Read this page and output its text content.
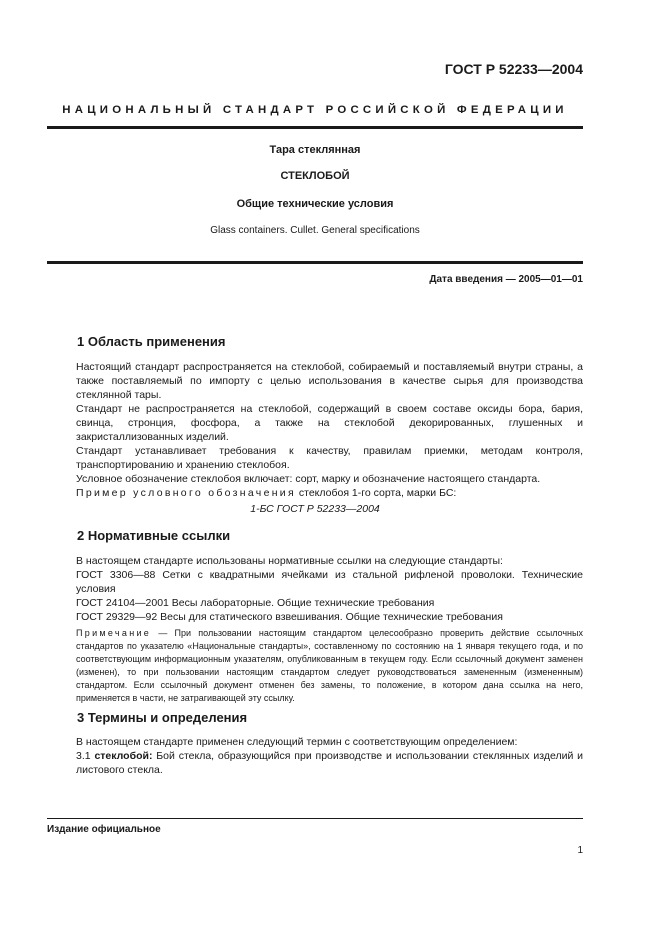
ГОСТ Р 52233—2004
НАЦИОНАЛЬНЫЙ СТАНДАРТ РОССИЙСКОЙ ФЕДЕРАЦИИ
Тара стеклянная
СТЕКЛОБОЙ
Общие технические условия
Glass containers. Cullet. General specifications
Дата введения — 2005—01—01
1 Область применения
Настоящий стандарт распространяется на стеклобой, собираемый и поставляемый внутри страны, а также поставляемый по импорту с целью использования в качестве сырья для производства стеклянной тары.
Стандарт не распространяется на стеклобой, содержащий в своем составе оксиды бора, бария, свинца, стронция, фосфора, а также на стеклобой декорированных, глушенных и закристаллизованных изделий.
Стандарт устанавливает требования к качеству, правилам приемки, методам контроля, транспортированию и хранению стеклобоя.
Условное обозначение стеклобоя включает: сорт, марку и обозначение настоящего стандарта.
Пример условного обозначения стеклобоя 1-го сорта, марки БС:
1-БС ГОСТ Р 52233—2004
2 Нормативные ссылки
В настоящем стандарте использованы нормативные ссылки на следующие стандарты:
ГОСТ 3306—88 Сетки с квадратными ячейками из стальной рифленой проволоки. Технические условия
ГОСТ 24104—2001 Весы лабораторные. Общие технические требования
ГОСТ 29329—92 Весы для статического взвешивания. Общие технические требования
Примечание — При пользовании настоящим стандартом целесообразно проверить действие ссылочных стандартов по указателю «Национальные стандарты», составленному по состоянию на 1 января текущего года, и по соответствующим информационным указателям, опубликованным в текущем году. Если ссылочный документ заменен (изменен), то при пользовании настоящим стандартом следует руководствоваться замененным (измененным) стандартом. Если ссылочный документ отменен без замены, то положение, в котором дана ссылка на него, применяется в части, не затрагивающей эту ссылку.
3 Термины и определения
В настоящем стандарте применен следующий термин с соответствующим определением:
3.1 стеклобой: Бой стекла, образующийся при производстве и использовании стеклянных изделий и листового стекла.
Издание официальное
1
